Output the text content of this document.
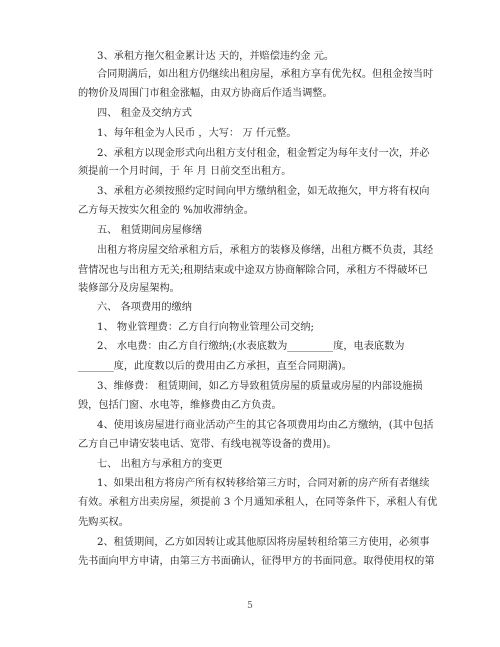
3、承租方拖欠租金累计达 天的，并赔偿违约金 元。
合同期满后，如出租方仍继续出租房屋，承租方享有优先权。但租金按当时
的物价及周围门市租金涨幅，由双方协商后作适当调整。
四、 租金及交纳方式
1、每年租金为人民币 ，大写： 万 仟元整。
2、承租方以现金形式向出租方支付租金，租金暂定为每年支付一次，并必
须提前一个月时间，于 年 月 日前交至出租方。
3、承租方必须按照约定时间向甲方缴纳租金，如无故拖欠，甲方将有权向
乙方每天按实欠租金的 %加收滞纳金。
五、 租赁期间房屋修缮
出租方将房屋交给承租方后，承租方的装修及修缮，出租方概不负责，其经
营情况也与出租方无关;租期结束或中途双方协商解除合同，承租方不得破坏已
装修部分及房屋架构。
六、 各项费用的缴纳
1、 物业管理费：乙方自行向物业管理公司交纳;
2、 水电费：由乙方自行缴纳;(水表底数为_________度，电表底数为
_______度，此度数以后的费用由乙方承担，直至合同期满)。
3、维修费： 租赁期间，如乙方导致租赁房屋的质量或房屋的内部设施损
毁，包括门窗、水电等，维修费由乙方负责。
4、使用该房屋进行商业活动产生的其它各项费用均由乙方缴纳，(其中包括
乙方自己申请安装电话、宽带、有线电视等设备的费用)。
七、 出租方与承租方的变更
1、如果出租方将房产所有权转移给第三方时，合同对新的房产所有者继续
有效。承租方出卖房屋，须提前 3 个月通知承租人，在同等条件下，承租人有优
先购买权。
2、租赁期间，乙方如因转让或其他原因将房屋转租给第三方使用，必须事
先书面向甲方申请，由第三方书面确认，征得甲方的书面同意。取得使用权的第
5
